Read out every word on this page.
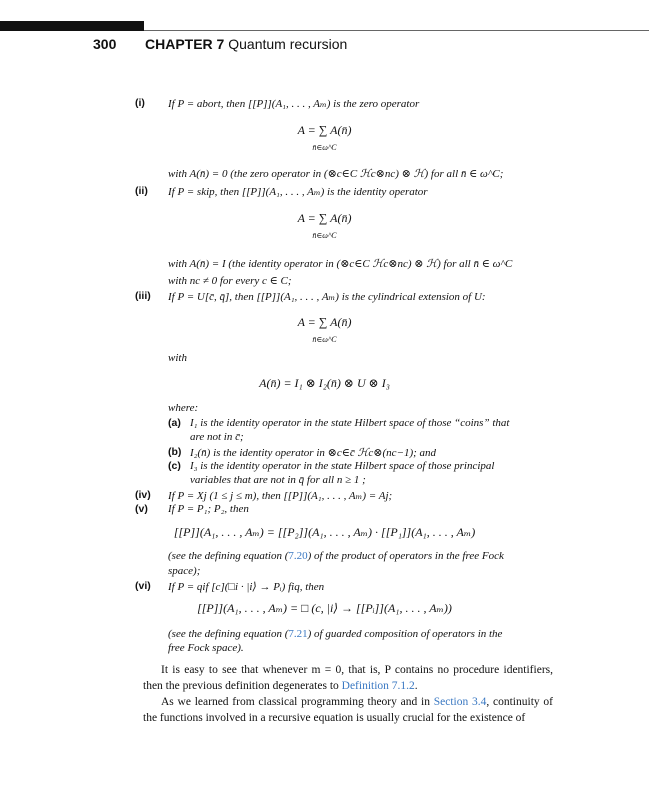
300 CHAPTER 7 Quantum recursion
(i) If P = abort, then [[P]](A₁, . . . , Aₘ) is the zero operator
A = ∑ A(n̄)
n̄∈ω^C
with A(n̄) = 0 (the zero operator in (⊗c∈C ℋc⊗nc) ⊗ ℋ) for all n̄ ∈ ω^C;
(ii) If P = skip, then [[P]](A₁, . . . , Aₘ) is the identity operator
A = ∑ A(n̄)
n̄∈ω^C
with A(n̄) = I (the identity operator in (⊗c∈C ℋc⊗nc) ⊗ ℋ) for all n̄ ∈ ω^C
with nc ≠ 0 for every c ∈ C;
(iii) If P = U[c̄, q̄], then [[P]](A₁, . . . , Aₘ) is the cylindrical extension of U:
A = ∑ A(n̄)
n̄∈ω^C
with
A(n̄) = I₁ ⊗ I₂(n̄) ⊗ U ⊗ I₃
where:
(a) I₁ is the identity operator in the state Hilbert space of those “coins” that
are not in c̄;
(b) I₂(n̄) is the identity operator in ⊗c∈c̄ ℋc⊗(nc−1); and
(c) I₃ is the identity operator in the state Hilbert space of those principal
variables that are not in q̄ for all n ≥ 1 ;
(iv) If P = Xj (1 ≤ j ≤ m), then [[P]](A₁, . . . , Aₘ) = Aj;
(v) If P = P₁; P₂, then
[[P]](A₁, . . . , Aₘ) = [[P₂]](A₁, . . . , Aₘ) · [[P₁]](A₁, . . . , Aₘ)
(see the defining equation (7.20) of the product of operators in the free Fock
space);
(vi) If P = qif [c](□i · |i⟩ → Pᵢ) fiq, then
[[P]](A₁, . . . , Aₘ) = □ (c, |i⟩ → [[Pᵢ]](A₁, . . . , Aₘ))
(see the defining equation (7.21) of guarded composition of operators in the
free Fock space).

It is easy to see that whenever m = 0, that is, P contains no procedure identifiers, then the previous definition degenerates to Definition 7.1.2.

As we learned from classical programming theory and in Section 3.4, continuity of the functions involved in a recursive equation is usually crucial for the existence of
